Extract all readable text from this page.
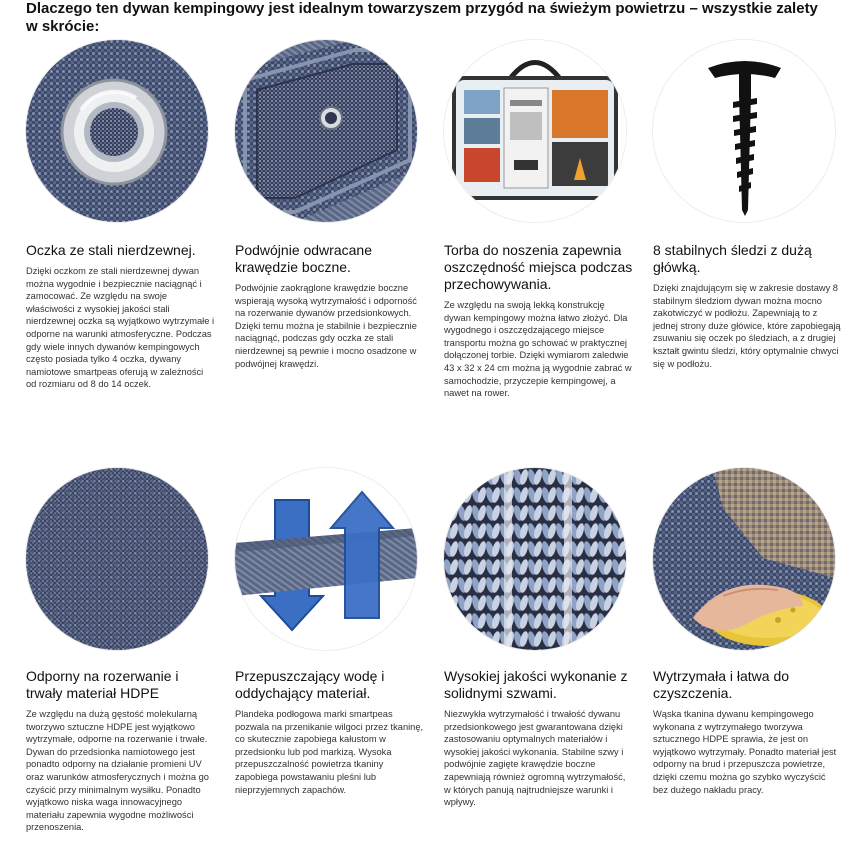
Dlaczego ten dywan kempingowy jest idealnym towarzyszem przygód na świeżym powietrzu – wszystkie zalety w skrócie:
Oczka ze stali nierdzewnej.
Dzięki oczkom ze stali nierdzewnej dywan można wygodnie i bezpiecznie naciągnąć i zamocować. Ze względu na swoje właściwości z wysokiej jakości stali nierdzewnej oczka są wyjątkowo wytrzymałe i odporne na warunki atmosferyczne. Podczas gdy wiele innych dywanów kempingowych często posiada tylko 4 oczka, dywany namiotowe smartpeas oferują w zależności od rozmiaru od 8 do 14 oczek.
Podwójnie odwracane krawędzie boczne.
Podwójnie zaokrąglone krawędzie boczne wspierają wysoką wytrzymałość i odporność na rozerwanie dywanów przedsionkowych. Dzięki temu można je stabilnie i bezpiecznie naciągnąć, podczas gdy oczka ze stali nierdzewnej są pewnie i mocno osadzone w podwójnej krawędzi.
Torba do noszenia zapewnia oszczędność miejsca podczas przechowywania.
Ze względu na swoją lekką konstrukcję dywan kempingowy można łatwo złożyć. Dla wygodnego i oszczędzającego miejsce transportu można go schować w praktycznej dołączonej torbie. Dzięki wymiarom zaledwie 43 x 32 x 24 cm można ją wygodnie zabrać w samochodzie, przyczepie kempingowej, a nawet na rower.
8 stabilnych śledzi z dużą główką.
Dzięki znajdującym się w zakresie dostawy 8 stabilnym śledziom dywan można mocno zakotwiczyć w podłożu. Zapewniają to z jednej strony duże główice, które zapobiegają zsuwaniu się oczek po śledziach, a z drugiej kształt gwintu śledzi, który optymalnie chwyci się w podłożu.
Odporny na rozerwanie i trwały materiał HDPE
Ze względu na dużą gęstość molekularną tworzywo sztuczne HDPE jest wyjątkowo wytrzymałe, odporne na rozerwanie i trwałe. Dywan do przedsionka namiotowego jest ponadto odporny na działanie promieni UV oraz warunków atmosferycznych i można go czyścić przy minimalnym wysiłku. Ponadto wyjątkowo niska waga innowacyjnego materiału zapewnia wygodne możliwości przenoszenia.
Przepuszczający wodę i oddychający materiał.
Plandeka podłogowa marki smartpeas pozwala na przenikanie wilgoci przez tkaninę, co skutecznie zapobiega kałustom w przedsionku lub pod markizą. Wysoka przepuszczalność powietrza tkaniny zapobiega powstawaniu pleśni lub nieprzyjemnych zapachów.
Wysokiej jakości wykonanie z solidnymi szwami.
Niezwykła wytrzymałość i trwałość dywanu przedsionkowego jest gwarantowana dzięki zastosowaniu optymalnych materiałów i wysokiej jakości wykonania. Stabilne szwy i podwójnie zagięte krawędzie boczne zapewniają również ogromną wytrzymałość, w których panują najtrudniejsze warunki i wpływy.
Wytrzymała i łatwa do czyszczenia.
Wąska tkanina dywanu kempingowego wykonana z wytrzymałego tworzywa sztucznego HDPE sprawia, że jest on wyjątkowo wytrzymały. Ponadto materiał jest odporny na brud i przepuszcza powietrze, dzięki czemu można go szybko wyczyścić bez dużego nakładu pracy.
